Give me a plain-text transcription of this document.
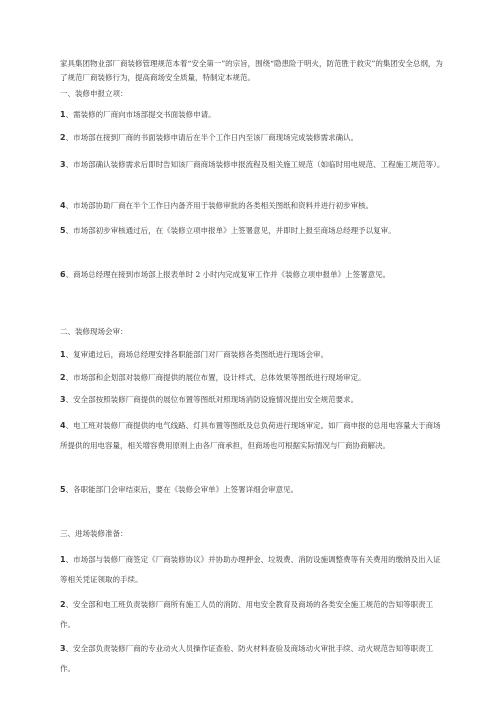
家具集团物业部厂商装修管理规范本着“安全第一”的宗旨，围绕“隐患险于明火，防范胜于救灾”的集团安全总纲，为了规范厂商装修行为，提高商场安全质量，特制定本规范。
一、装修申报立项：
1、需装修的厂商向市场部提交书面装修申请。
2、市场部在接到厂商的书面装修申请后在半个工作日内至该厂商现场完成装修需求确认。
3、市场部确认装修需求后即时告知该厂商商场装修申报流程及相关施工规范（如临时用电规范、工程施工规范等）。
4、市场部协助厂商在半个工作日内备齐用于装修审批的各类相关图纸和资料并进行初步审核。
5、市场部初步审核通过后，在《装修立项申报单》上签署意见，并即时上报至商场总经理予以复审。
6、商场总经理在接到市场部上报表单时 2 小时内完成复审工作并《装修立项申报单》上签署意见。
二、装修现场会审：
1、复审通过后，商场总经理安排各职能部门对厂商装修各类图纸进行现场会审。
2、市场部和企划部对装修厂商提供的展位布置，设计样式、总体效果等图纸进行现场审定。
3、安全部按照装修厂商提供的展位布置等图纸对照现场消防设施情况提出安全规范要求。
4、电工班对装修厂商提供的电气线路、灯具布置等图纸及总负荷进行现场审定。如厂商申报的总用电容量大于商场所提供的用电容量，相关增容费用原则上由各厂商承担，但商场也可根据实际情况与厂商协商解决。
5、各职能部门会审结束后，要在《装修会审单》上签署详细会审意见。
三、进场装修准备：
1、市场部与装修厂商签定《厂商装修协议》并协助办理押金、垃圾费、消防设施调整费等有关费用的缴纳及出入证等相关凭证领取的手续。
2、安全部和电工班负责装修厂商所有施工人员的消防、用电安全教育及商场的各类安全施工规范的告知等职责工作。
3、安全部负责装修厂商的专业动火人员操作证查验、防火材料查验及商场动火审批手续、动火规范告知等职责工作。
